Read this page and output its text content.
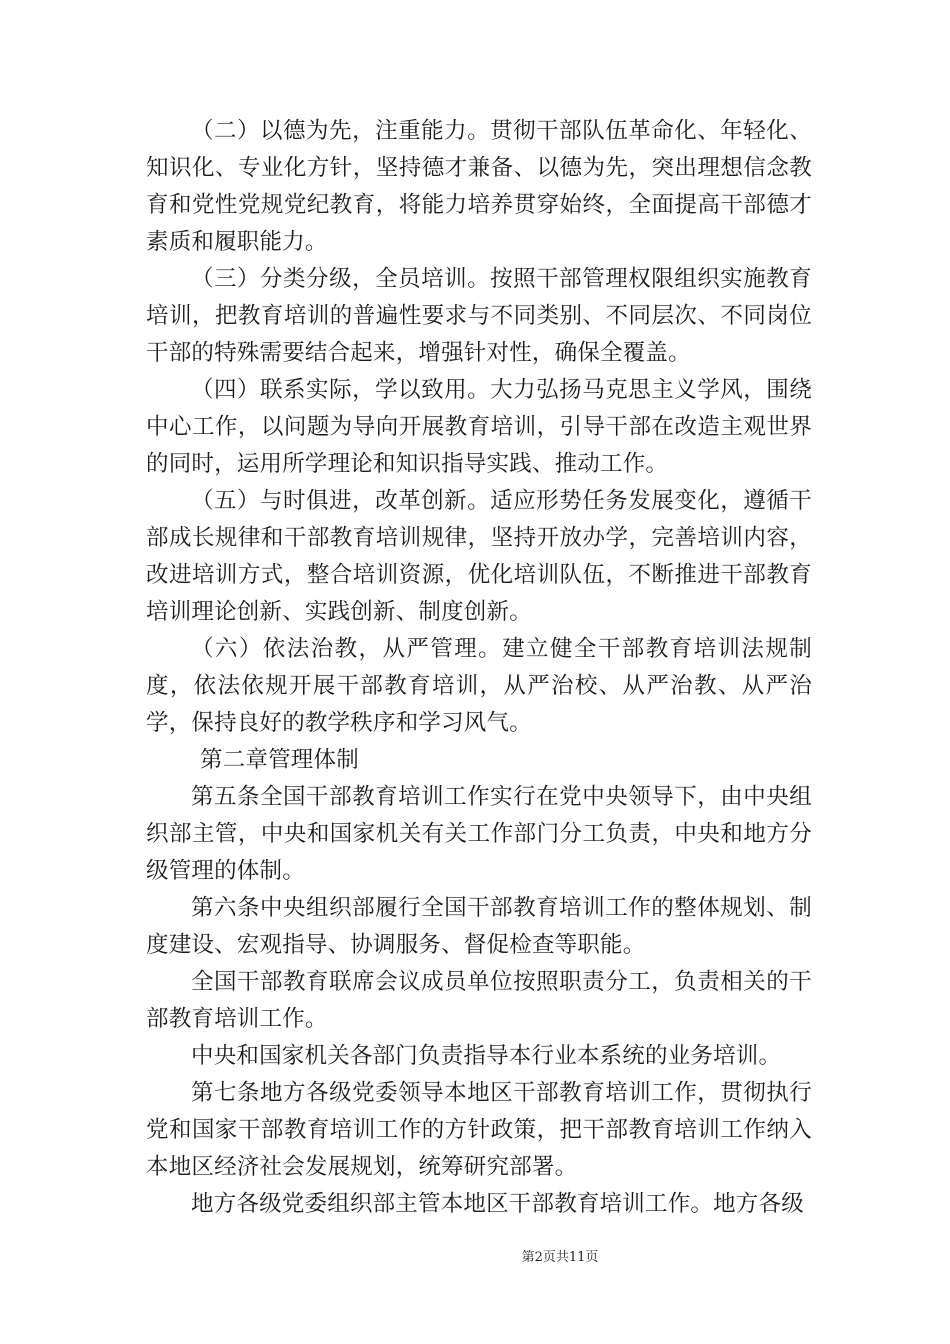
（二）以德为先，注重能力。贯彻干部队伍革命化、年轻化、知识化、专业化方针，坚持德才兼备、以德为先，突出理想信念教育和党性党规党纪教育，将能力培养贯穿始终，全面提高干部德才素质和履职能力。

（三）分类分级，全员培训。按照干部管理权限组织实施教育培训，把教育培训的普遍性要求与不同类别、不同层次、不同岗位干部的特殊需要结合起来，增强针对性，确保全覆盖。

（四）联系实际，学以致用。大力弘扬马克思主义学风，围绕中心工作，以问题为导向开展教育培训，引导干部在改造主观世界的同时，运用所学理论和知识指导实践、推动工作。

（五）与时俱进，改革创新。适应形势任务发展变化，遵循干部成长规律和干部教育培训规律，坚持开放办学，完善培训内容，改进培训方式，整合培训资源，优化培训队伍，不断推进干部教育培训理论创新、实践创新、制度创新。

（六）依法治教，从严管理。建立健全干部教育培训法规制度，依法依规开展干部教育培训，从严治校、从严治教、从严治学，保持良好的教学秩序和学习风气。

第二章管理体制

第五条全国干部教育培训工作实行在党中央领导下，由中央组织部主管，中央和国家机关有关工作部门分工负责，中央和地方分级管理的体制。

第六条中央组织部履行全国干部教育培训工作的整体规划、制度建设、宏观指导、协调服务、督促检查等职能。

全国干部教育联席会议成员单位按照职责分工，负责相关的干部教育培训工作。

中央和国家机关各部门负责指导本行业本系统的业务培训。

第七条地方各级党委领导本地区干部教育培训工作，贯彻执行党和国家干部教育培训工作的方针政策，把干部教育培训工作纳入本地区经济社会发展规划，统筹研究部署。

地方各级党委组织部主管本地区干部教育培训工作。地方各级

第2页共11页
